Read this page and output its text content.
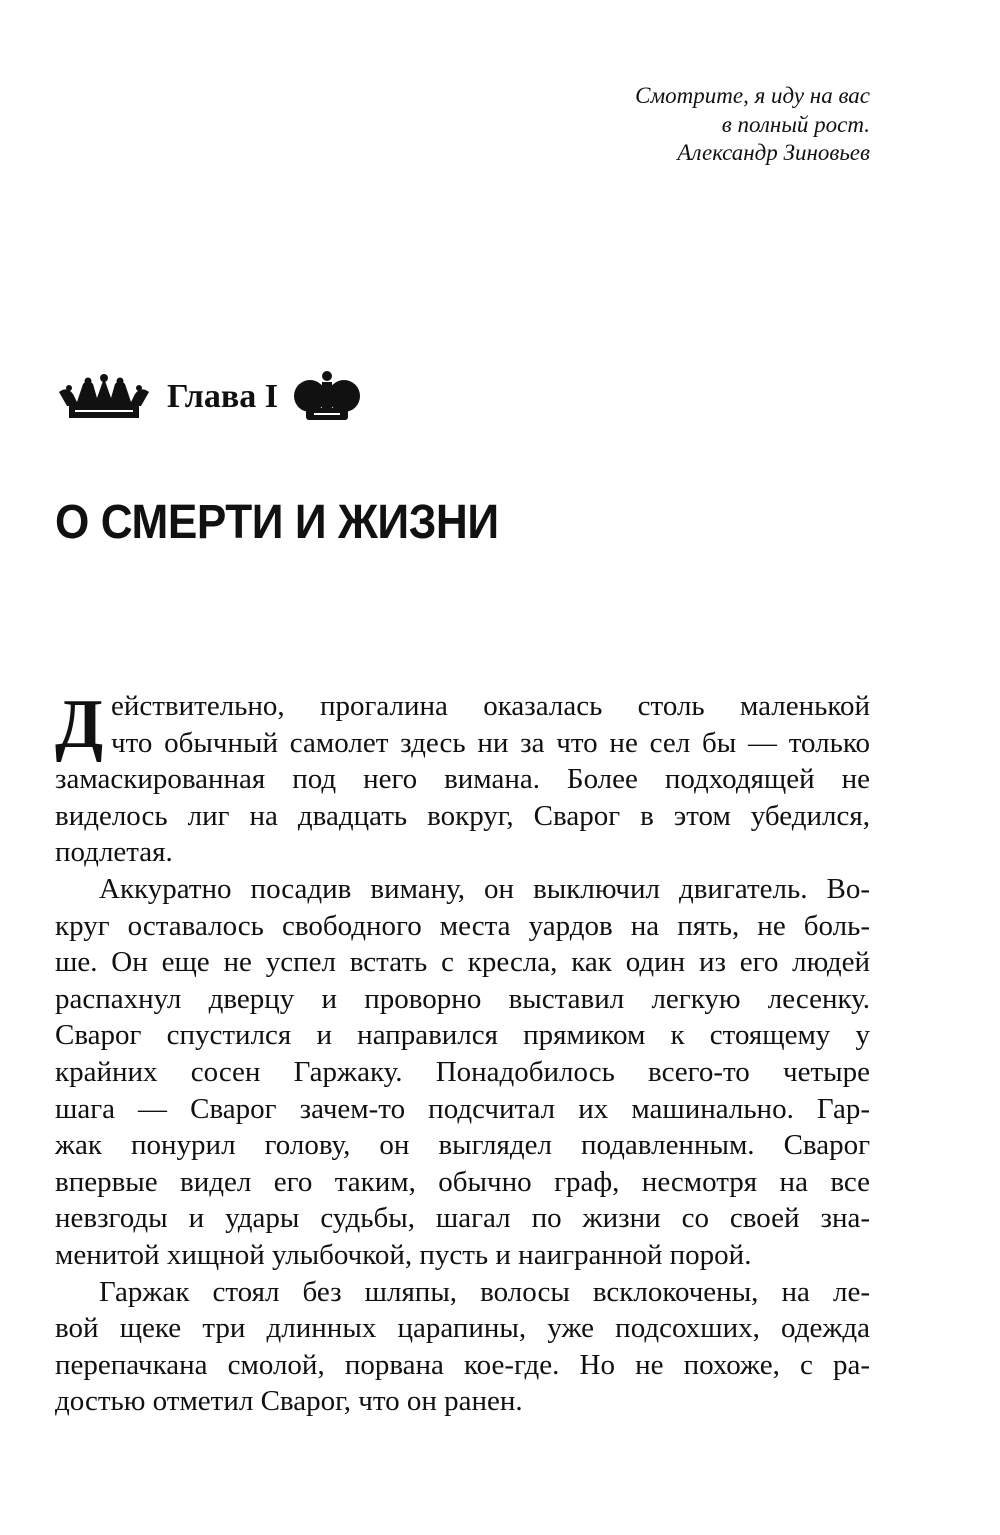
Смотрите, я иду на вас
в полный рост.
Александр Зиновьев
Глава I
О СМЕРТИ И ЖИЗНИ
Д ействительно, прогалина оказалась столь маленькой
что обычный самолет здесь ни за что не сел бы — только
замаскированная под него вимана. Более подходящей не
виделось лиг на двадцать вокруг, Сварог в этом убедился,
подлетая.
Аккуратно посадив виману, он выключил двигатель. Во-
круг оставалось свободного места уардов на пять, не боль-
ше. Он еще не успел встать с кресла, как один из его людей
распахнул дверцу и проворно выставил легкую лесенку.
Сварог спустился и направился прямиком к стоящему у
крайних сосен Гаржаку. Понадобилось всего-то четыре
шага — Сварог зачем-то подсчитал их машинально. Гар-
жак понурил голову, он выглядел подавленным. Сварог
впервые видел его таким, обычно граф, несмотря на все
невзгоды и удары судьбы, шагал по жизни со своей зна-
менитой хищной улыбочкой, пусть и наигранной порой.
Гаржак стоял без шляпы, волосы всклокочены, на ле-
вой щеке три длинных царапины, уже подсохших, одежда
перепачкана смолой, порвана кое-где. Но не похоже, с ра-
достью отметил Сварог, что он ранен.
